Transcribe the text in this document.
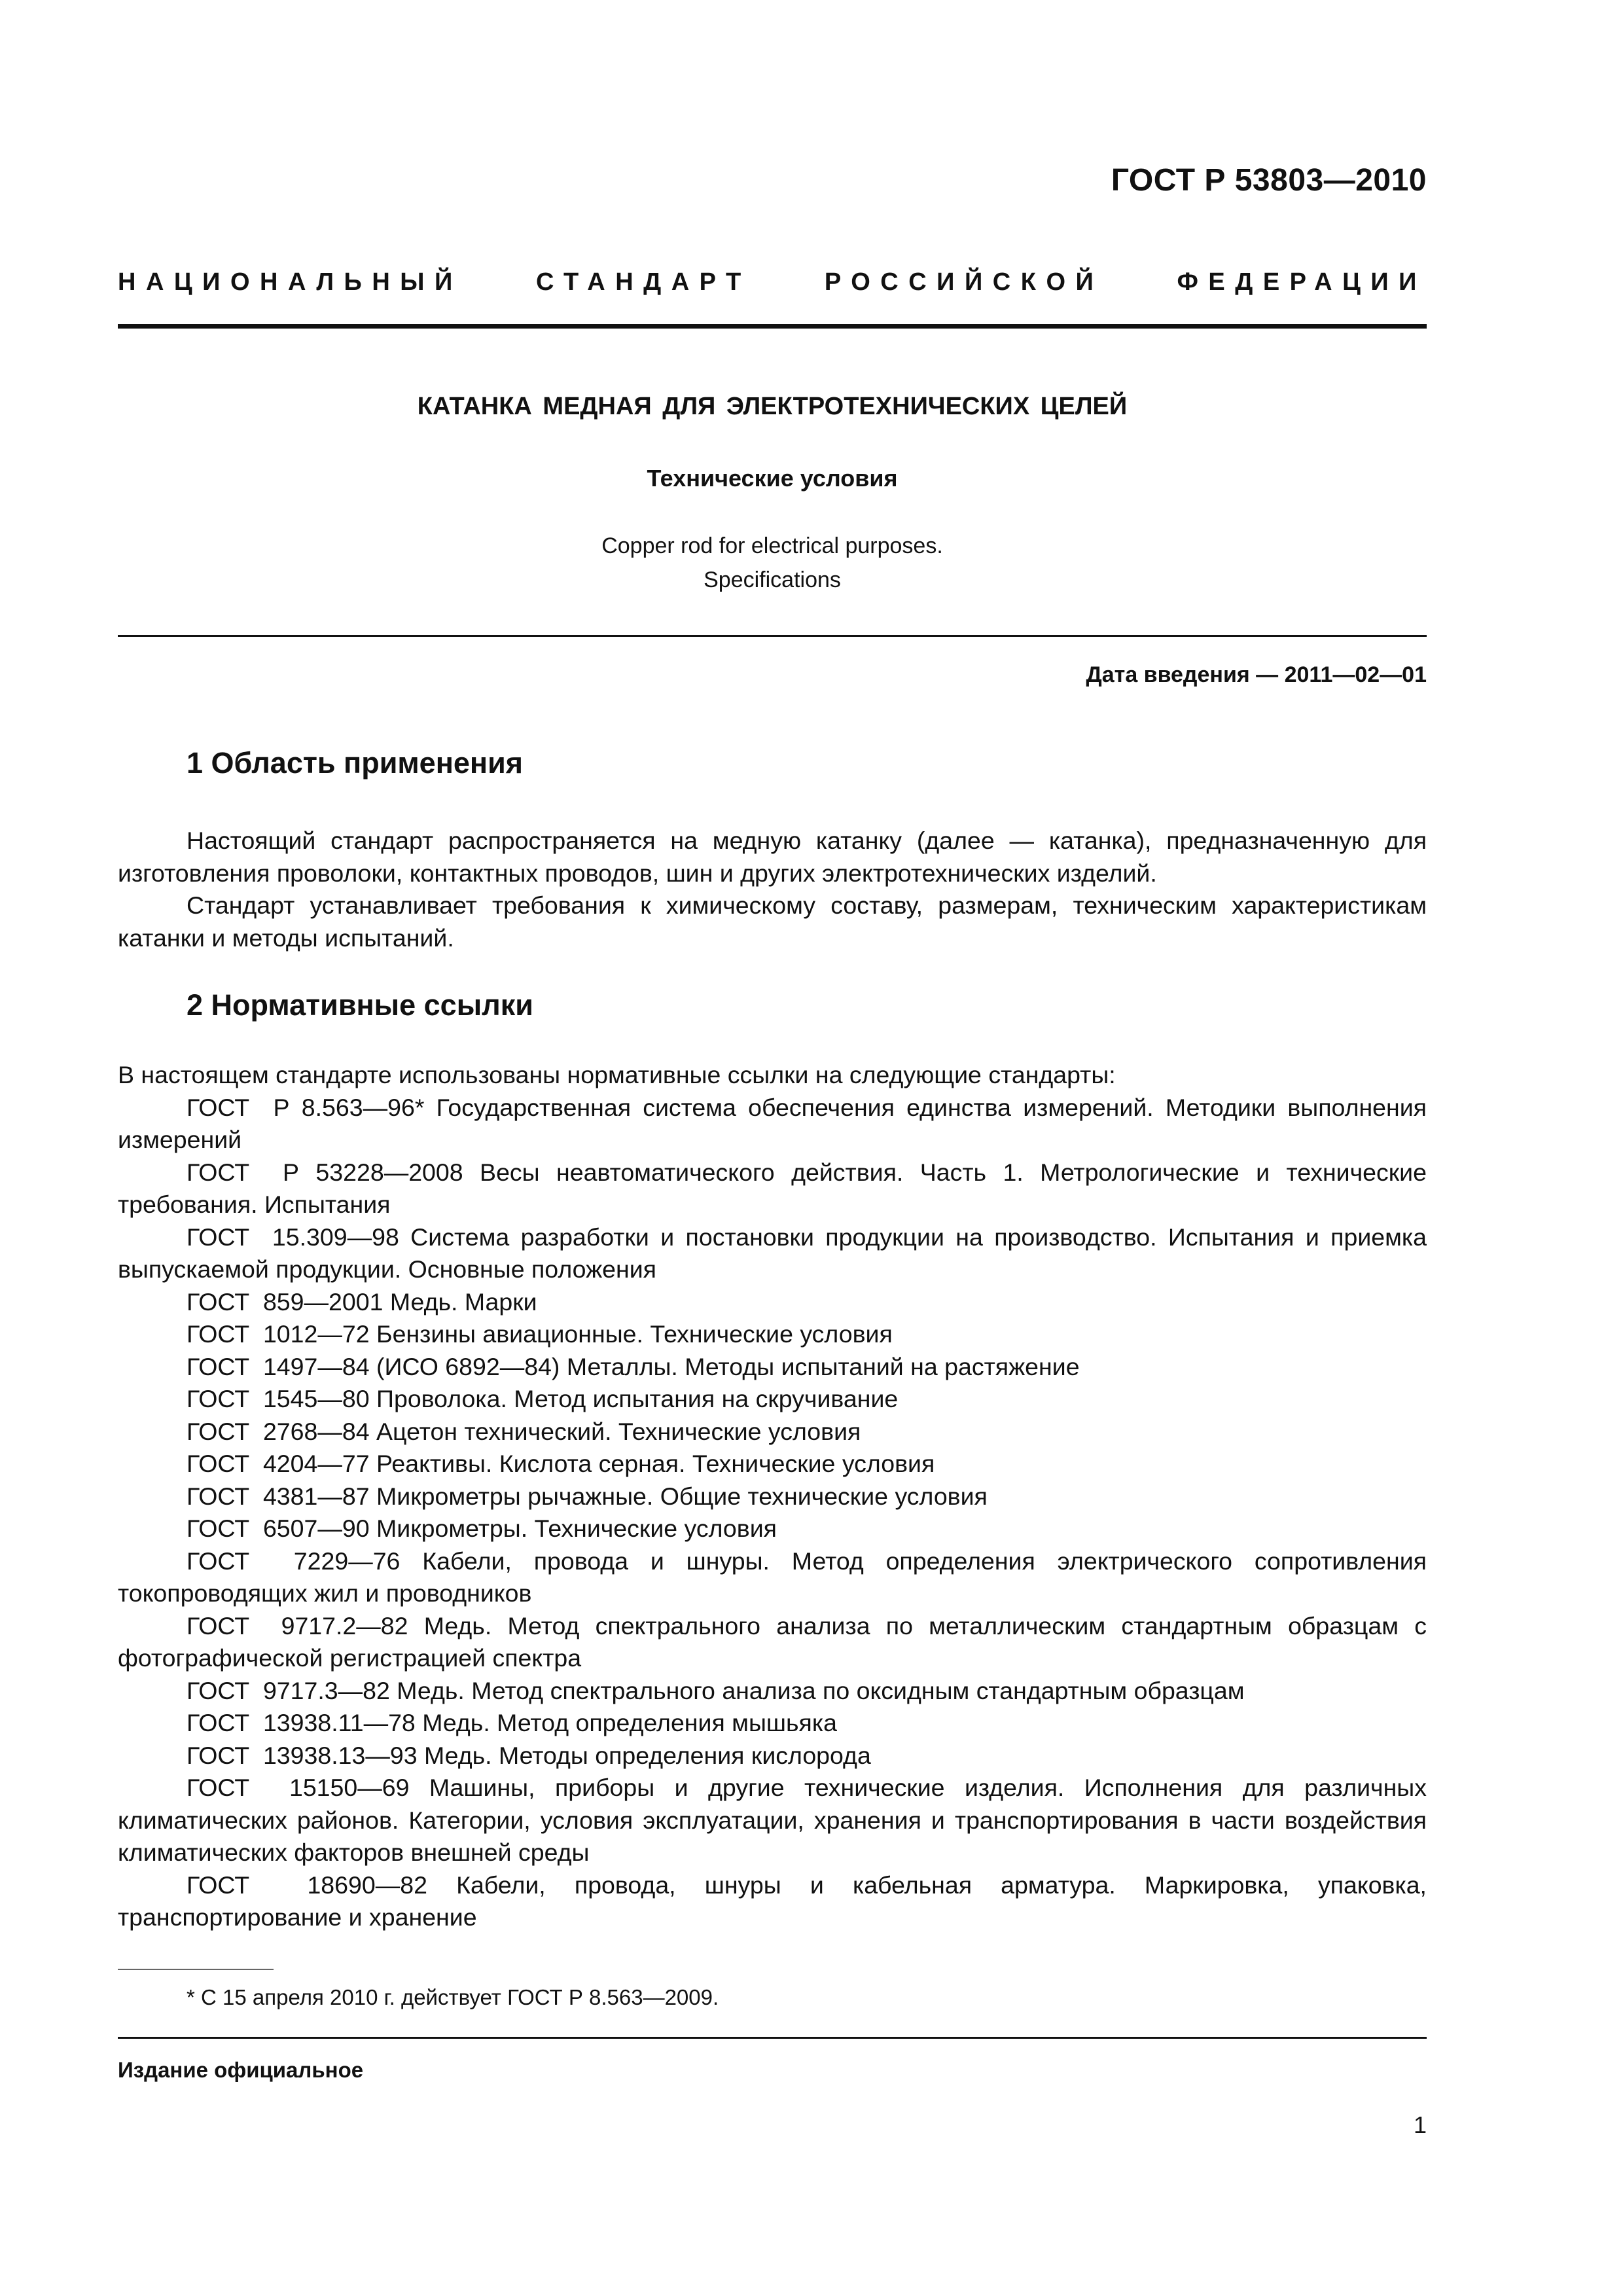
ГОСТ Р 53803—2010
НАЦИОНАЛЬНЫЙ	СТАНДАРТ	РОССИЙСКОЙ	ФЕДЕРАЦИИ
КАТАНКА МЕДНАЯ ДЛЯ ЭЛЕКТРОТЕХНИЧЕСКИХ ЦЕЛЕЙ
Технические условия
Copper rod for electrical purposes.
Specifications
Дата введения — 2011—02—01
1 Область применения

Настоящий стандарт распространяется на медную катанку (далее — катанка), предназначенную для изготовления проволоки, контактных проводов, шин и других электротехнических изделий.

Стандарт устанавливает требования к химическому составу, размерам, техническим характеристикам катанки и методы испытаний.

2 Нормативные ссылки

В настоящем стандарте использованы нормативные ссылки на следующие стандарты:

ГОСТ  Р 8.563—96* Государственная система обеспечения единства измерений. Методики выполнения измерений

ГОСТ  Р 53228—2008 Весы неавтоматического действия. Часть 1. Метрологические и технические требования. Испытания

ГОСТ  15.309—98 Система разработки и постановки продукции на производство. Испытания и приемка выпускаемой продукции. Основные положения

ГОСТ  859—2001 Медь. Марки

ГОСТ  1012—72 Бензины авиационные. Технические условия

ГОСТ  1497—84 (ИСО 6892—84) Металлы. Методы испытаний на растяжение

ГОСТ  1545—80 Проволока. Метод испытания на скручивание

ГОСТ  2768—84 Ацетон технический. Технические условия

ГОСТ  4204—77 Реактивы. Кислота серная. Технические условия

ГОСТ  4381—87 Микрометры рычажные. Общие технические условия

ГОСТ  6507—90 Микрометры. Технические условия

ГОСТ  7229—76 Кабели, провода и шнуры. Метод определения электрического сопротивления токопроводящих жил и проводников

ГОСТ  9717.2—82 Медь. Метод спектрального анализа по металлическим стандартным образцам с фотографической регистрацией спектра

ГОСТ  9717.3—82 Медь. Метод спектрального анализа по оксидным стандартным образцам

ГОСТ  13938.11—78 Медь. Метод определения мышьяка

ГОСТ  13938.13—93 Медь. Методы определения кислорода

ГОСТ  15150—69 Машины, приборы и другие технические изделия. Исполнения для различных климатических районов. Категории, условия эксплуатации, хранения и транспортирования в части воздействия климатических факторов внешней среды

ГОСТ  18690—82 Кабели, провода, шнуры и кабельная арматура. Маркировка, упаковка, транспортирование и хранение

* С 15 апреля 2010 г. действует ГОСТ Р 8.563—2009.
Издание официальное
1
